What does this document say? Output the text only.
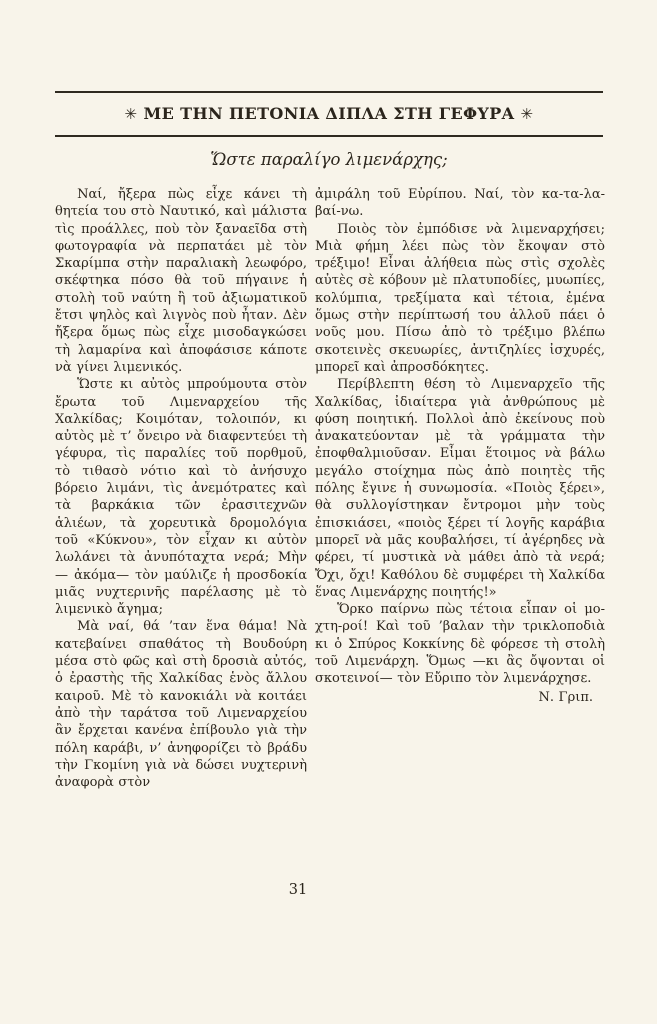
✳ ΜΕ ΤΗΝ ΠΕΤΟΝΙΑ ΔΙΠΛΑ ΣΤΗ ΓΕΦΥΡΑ ✳
Ὥστε παραλίγο λιμενάρχης;

Ναί, ἤξερα πὼς εἶχε κάνει τὴ θητεία του στὸ Ναυτικό, καὶ μάλιστα τὶς προάλλες, ποὺ τὸν ξαναεῖδα στὴ φωτογραφία νὰ περπατάει μὲ τὸν Σκαρίμπα στὴν παραλιακὴ λεωφόρο, σκέφτηκα πόσο θὰ τοῦ πήγαινε ἡ στολὴ τοῦ ναύτη ἢ τοῦ ἀξιωματικοῦ ἔτσι ψηλὸς καὶ λιγνὸς ποὺ ἦταν. Δὲν ἤξερα ὅμως πὼς εἶχε μισοδαγκώσει τὴ λαμαρίνα καὶ ἀποφάσισε κάποτε νὰ γίνει λιμενικός.

Ὥστε κι αὐτὸς μπρούμουτα στὸν ἔρωτα τοῦ Λιμεναρχείου τῆς Χαλκίδας; Κοιμόταν, τολοιπόν, κι αὐτὸς μὲ τ’ ὄνειρο νὰ διαφεντεύει τὴ γέφυρα, τὶς παραλίες τοῦ πορθμοῦ, τὸ τιθασὸ νότιο καὶ τὸ ἀνήσυχο βόρειο λιμάνι, τὶς ἀνεμότρατες καὶ τὰ βαρκάκια τῶν ἐρασιτεχνῶν ἁλιέων, τὰ χορευτικὰ δρομολόγια τοῦ «Κύκνου», τὸν εἶχαν κι αὐτὸν λωλάνει τὰ ἀνυπόταχτα νερά; Μὴν — ἀκόμα— τὸν μαύλιζε ἡ προσδοκία μιᾶς νυχτερινῆς παρέλασης μὲ τὸ λιμενικὸ ἄγημα;

Μὰ ναί, θά ’ταν ἕνα θάμα! Νὰ κατεβαίνει σπαθάτος τὴ Βουδούρη μέσα στὸ φῶς καὶ στὴ δροσιὰ αὐτός, ὁ ἐραστὴς τῆς Χαλκίδας ἑνὸς ἄλλου καιροῦ. Μὲ τὸ κανοκιάλι νὰ κοιτάει ἀπὸ τὴν ταράτσα τοῦ Λιμεναρχείου ἂν ἔρχεται κανένα ἐπίβουλο γιὰ τὴν πόλη καράβι, ν’ ἀνηφορίζει τὸ βράδυ τὴν Γκομίνη γιὰ νὰ δώσει νυχτερινὴ ἀναφορὰ στὸν

ἀμιράλη τοῦ Εὐρίπου. Ναί, τὸν κα-τα-λα-βαί-νω.

Ποιὸς τὸν ἐμπόδισε νὰ λιμεναρχήσει; Μιὰ φήμη λέει πὼς τὸν ἔκοψαν στὸ τρέξιμο! Εἶναι ἀλήθεια πὼς στὶς σχολὲς αὐτὲς σὲ κόβουν μὲ πλατυποδίες, μυωπίες, κολύμπια, τρεξίματα καὶ τέτοια, ἐμένα ὅμως στὴν περίπτωσή του ἀλλοῦ πάει ὁ νοῦς μου. Πίσω ἀπὸ τὸ τρέξιμο βλέπω σκοτεινὲς σκευωρίες, ἀντιζηλίες ἰσχυρές, μπορεῖ καὶ ἀπροσδόκητες.

Περίβλεπτη θέση τὸ Λιμεναρχεῖο τῆς Χαλκίδας, ἰδιαίτερα γιὰ ἀνθρώπους μὲ φύση ποιητική. Πολλοὶ ἀπὸ ἐκείνους ποὺ ἀνακατεύονταν μὲ τὰ γράμματα τὴν ἐποφθαλμιοῦσαν. Εἶμαι ἕτοιμος νὰ βάλω μεγάλο στοίχημα πὼς ἀπὸ ποιητὲς τῆς πόλης ἔγινε ἡ συνωμοσία. «Ποιὸς ξέρει», θὰ συλλογίστηκαν ἔντρομοι μὴν τοὺς ἐπισκιάσει, «ποιὸς ξέρει τί λογῆς καράβια μπορεῖ νὰ μᾶς κουβαλήσει, τί ἀγέρηδες νὰ φέρει, τί μυστικὰ νὰ μάθει ἀπὸ τὰ νερά; Ὄχι, ὄχι! Καθόλου δὲ συμφέρει τὴ Χαλκίδα ἕνας Λιμενάρχης ποιητής!»

Ὅρκο παίρνω πὼς τέτοια εἶπαν οἱ μο-χτη-ροί! Καὶ τοῦ ’βαλαν τὴν τρικλοποδιὰ κι ὁ Σπύρος Κοκκίνης δὲ φόρεσε τὴ στολὴ τοῦ Λιμενάρχη. Ὅμως —κι ἂς ὄψονται οἱ σκοτεινοί— τὸν Εὔριπο τὸν λιμενάρχησε.

Ν. Γριπ.

31
